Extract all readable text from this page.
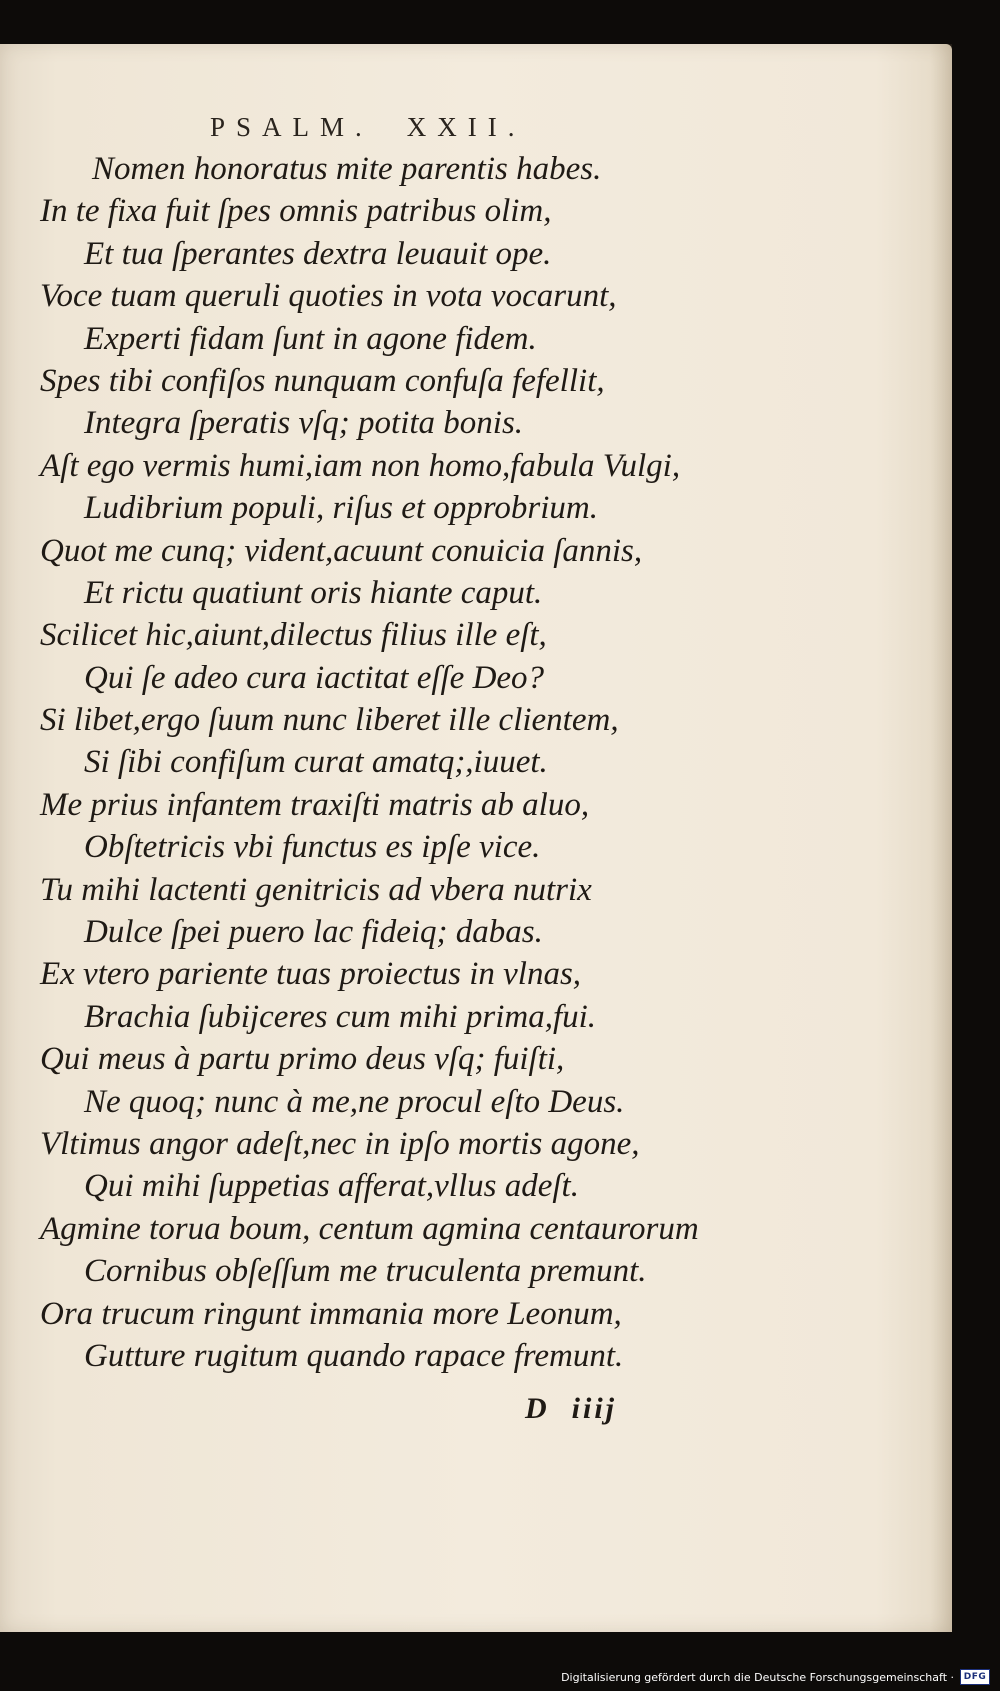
PSALM. XXII.
Nomen honoratus mite parentis habes.
In te fixa fuit ſpes omnis patribus olim,
Et tua ſperantes dextra leuauit ope.
Voce tuam queruli quoties in vota vocarunt,
Experti fidam ſunt in agone fidem.
Spes tibi confiſos nunquam confuſa fefellit,
Integra ſperatis vſq; potita bonis.
Aſt ego vermis humi,iam non homo,fabula Vulgi,
Ludibrium populi, riſus et opprobrium.
Quot me cunq; vident,acuunt conuicia ſannis,
Et rictu quatiunt oris hiante caput.
Scilicet hic,aiunt,dilectus filius ille eſt,
Qui ſe adeo cura iactitat eſſe Deo?
Si libet,ergo ſuum nunc liberet ille clientem,
Si ſibi confiſum curat amatq;,iuuet.
Me prius infantem traxiſti matris ab aluo,
Obſtetricis vbi functus es ipſe vice.
Tu mihi lactenti genitricis ad vbera nutrix
Dulce ſpei puero lac fideiq; dabas.
Ex vtero pariente tuas proiectus in vlnas,
Brachia ſubijceres cum mihi prima,fui.
Qui meus à partu primo deus vſq; fuiſti,
Ne quoq; nunc à me,ne procul eſto Deus.
Vltimus angor adeſt,nec in ipſo mortis agone,
Qui mihi ſuppetias afferat,vllus adeſt.
Agmine torua boum, centum agmina centaurorum
Cornibus obſeſſum me truculenta premunt.
Ora trucum ringunt immania more Leonum,
Gutture rugitum quando rapace fremunt.
D iiij
Digitalisierung gefördert durch die Deutsche Forschungsgemeinschaft ·	DFG
